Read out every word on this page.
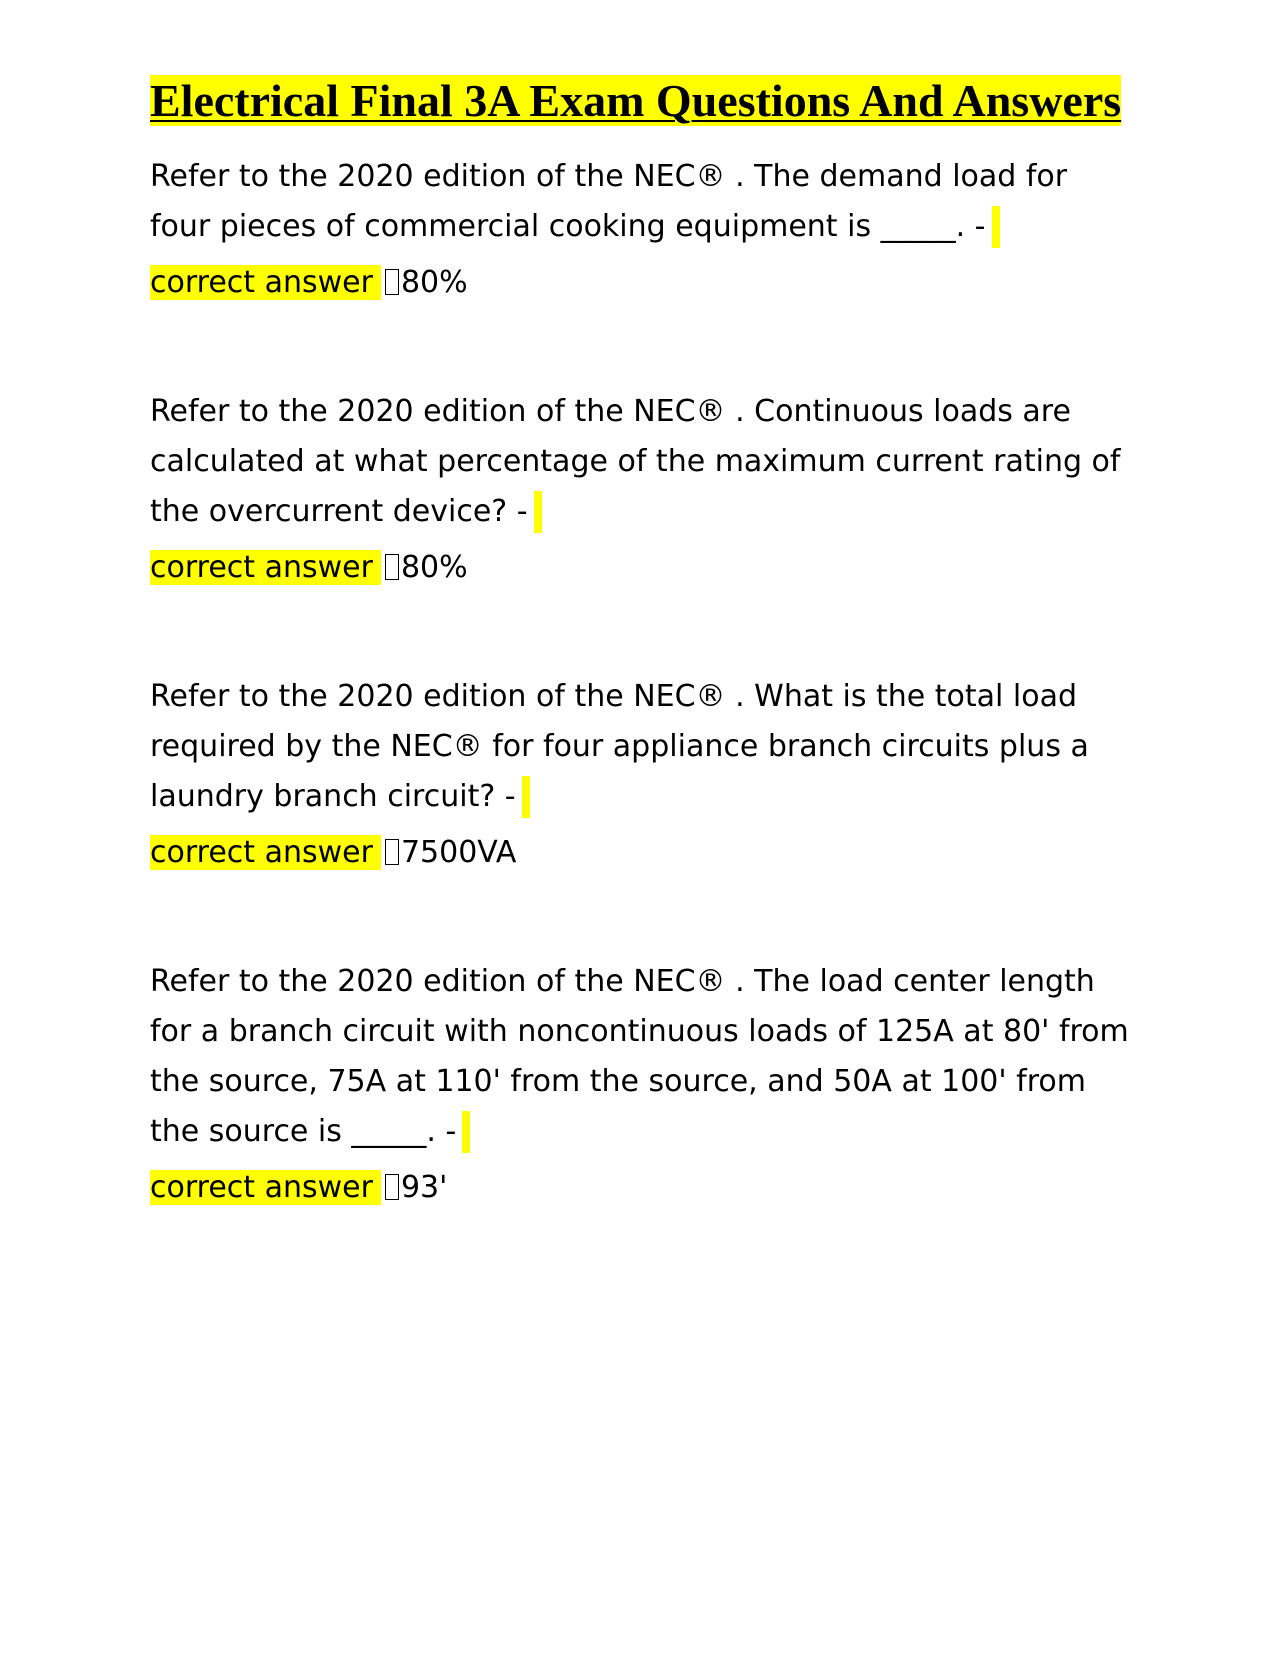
Electrical Final 3A Exam Questions And Answers

Refer to the 2020 edition of the NEC® . The demand load for four pieces of commercial cooking equipment is _____. -

correct answer 80%

Refer to the 2020 edition of the NEC® . Continuous loads are calculated at what percentage of the maximum current rating of the overcurrent device? -

correct answer 80%

Refer to the 2020 edition of the NEC® . What is the total load required by the NEC® for four appliance branch circuits plus a laundry branch circuit? -

correct answer 7500VA

Refer to the 2020 edition of the NEC® . The load center length for a branch circuit with noncontinuous loads of 125A at 80' from the source, 75A at 110' from the source, and 50A at 100' from the source is _____. -

correct answer 93'
